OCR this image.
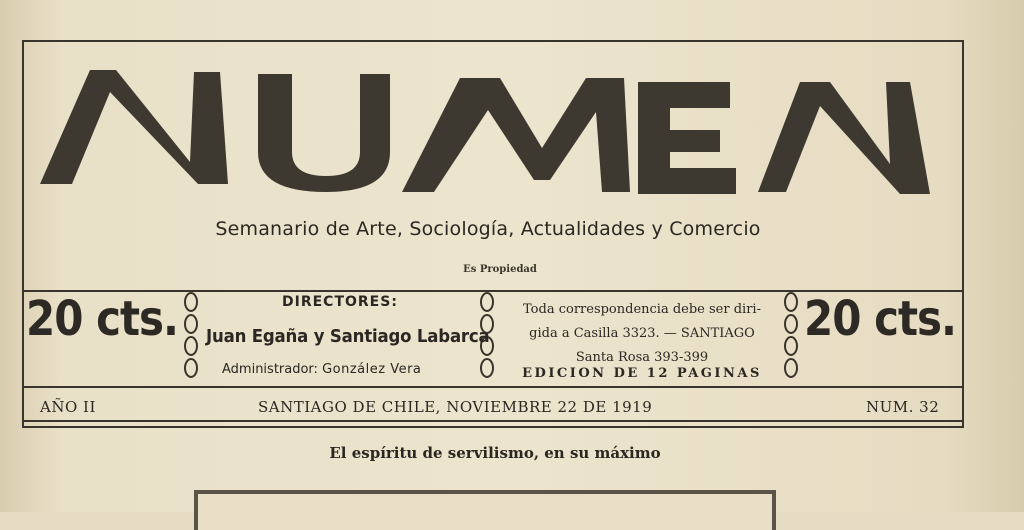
Semanario de Arte, Sociología, Actualidades y Comercio
Es Propiedad
20 cts.	20 cts.
DIRECTORES:
Juan Egaña y Santiago Labarca
Administrador: González Vera
Toda correspondencia debe ser diri-
gida a Casilla 3323. — SANTIAGO
Santa Rosa 393-399
EDICION DE 12 PAGINAS
AÑO II	SANTIAGO DE CHILE, NOVIEMBRE 22 DE 1919	NUM. 32
El espíritu de servilismo, en su máximo
